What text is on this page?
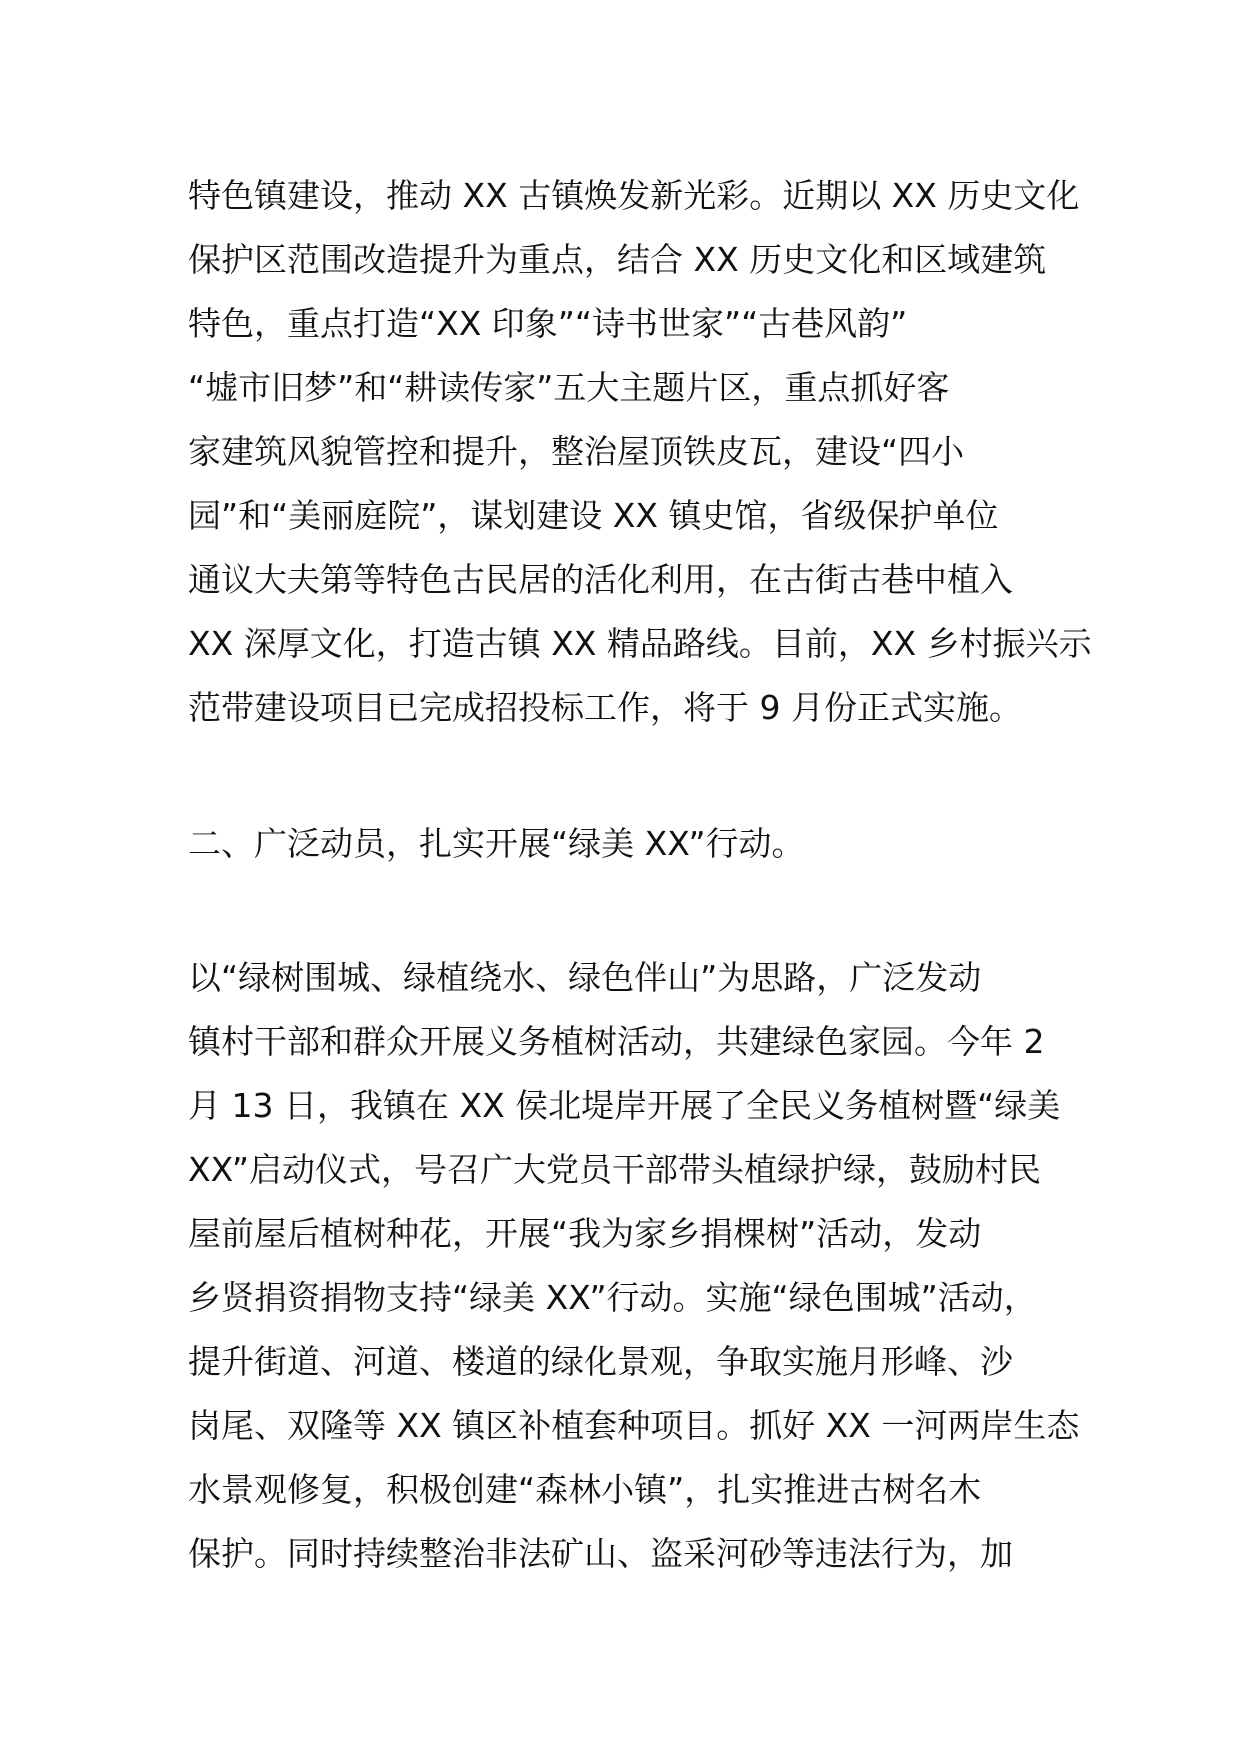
特色镇建设，推动 XX 古镇焕发新光彩。近期以 XX 历史文化
保护区范围改造提升为重点，结合 XX 历史文化和区域建筑
特色，重点打造“XX 印象”“诗书世家”“古巷风韵”
“墟市旧梦”和“耕读传家”五大主题片区，重点抓好客
家建筑风貌管控和提升，整治屋顶铁皮瓦，建设“四小
园”和“美丽庭院”，谋划建设 XX 镇史馆，省级保护单位
通议大夫第等特色古民居的活化利用，在古街古巷中植入
XX 深厚文化，打造古镇 XX 精品路线。目前，XX 乡村振兴示
范带建设项目已完成招投标工作，将于 9 月份正式实施。
二、广泛动员，扎实开展“绿美 XX”行动。
以“绿树围城、绿植绕水、绿色伴山”为思路，广泛发动
镇村干部和群众开展义务植树活动，共建绿色家园。今年 2
月 13 日，我镇在 XX 侯北堤岸开展了全民义务植树暨“绿美
XX”启动仪式，号召广大党员干部带头植绿护绿，鼓励村民
屋前屋后植树种花，开展“我为家乡捐棵树”活动，发动
乡贤捐资捐物支持“绿美 XX”行动。实施“绿色围城”活动，
提升街道、河道、楼道的绿化景观，争取实施月形峰、沙
岗尾、双隆等 XX 镇区补植套种项目。抓好 XX 一河两岸生态
水景观修复，积极创建“森林小镇”，扎实推进古树名木
保护。同时持续整治非法矿山、盗采河砂等违法行为，加
